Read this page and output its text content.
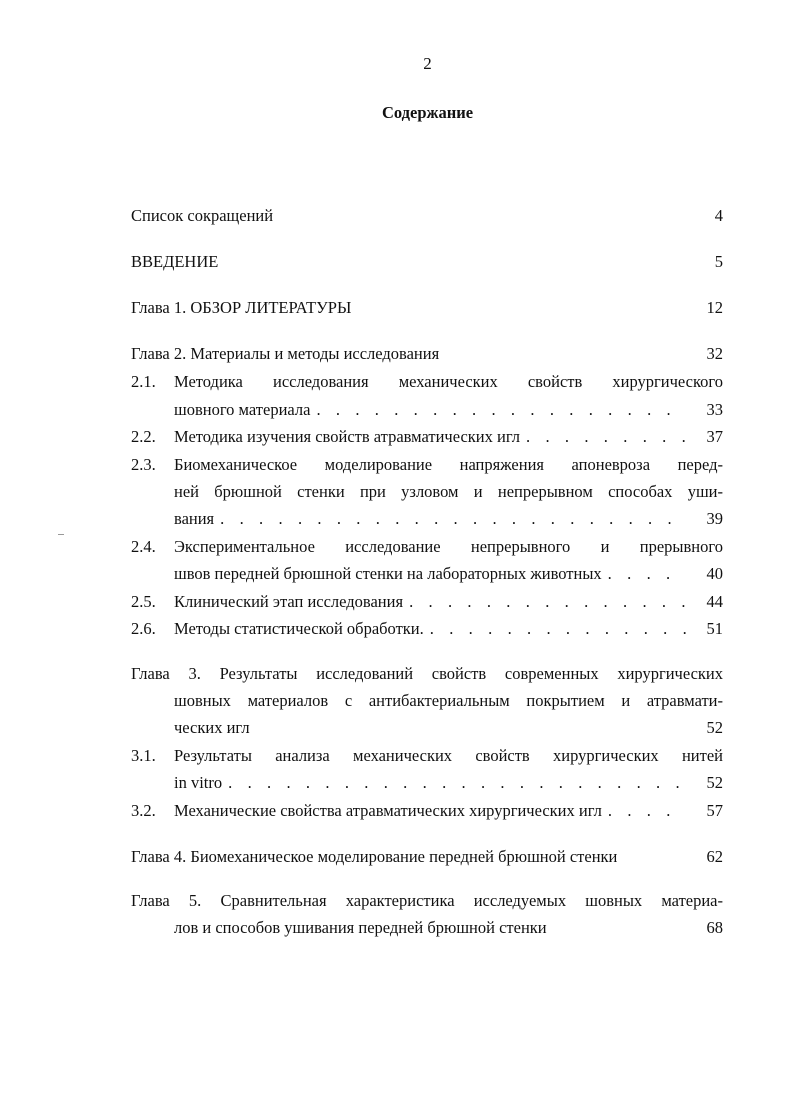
2
Содержание
Список сокращений	4
ВВЕДЕНИЕ	5
Глава 1. ОБЗОР ЛИТЕРАТУРЫ	12
Глава 2. Материалы и методы исследования	32
2.1. Методика исследования механических свойств хирургического
шовного материала . . .	33
2.2. Методика изучения свойств атравматических игл . . .	37
2.3. Биомеханическое моделирование напряжения апоневроза перед-
ней брюшной стенки при узловом и непрерывном способах уши-
вания . . .	39
2.4. Экспериментальное исследование непрерывного и прерывного
швов передней брюшной стенки на лабораторных животных . . .	40
2.5. Клинический этап исследования . . .	44
2.6. Методы статистической обработки. . . .	51
Глава 3. Результаты исследований свойств современных хирургических
шовных материалов с антибактериальным покрытием и атравмати-
ческих игл	52
3.1. Результаты анализа механических свойств хирургических нитей
in vitro . . .	52
3.2. Механические свойства атравматических хирургических игл . . .	57
Глава 4. Биомеханическое моделирование передней брюшной стенки	62
Глава 5. Сравнительная характеристика исследуемых шовных материа-
лов и способов ушивания передней брюшной стенки	68
